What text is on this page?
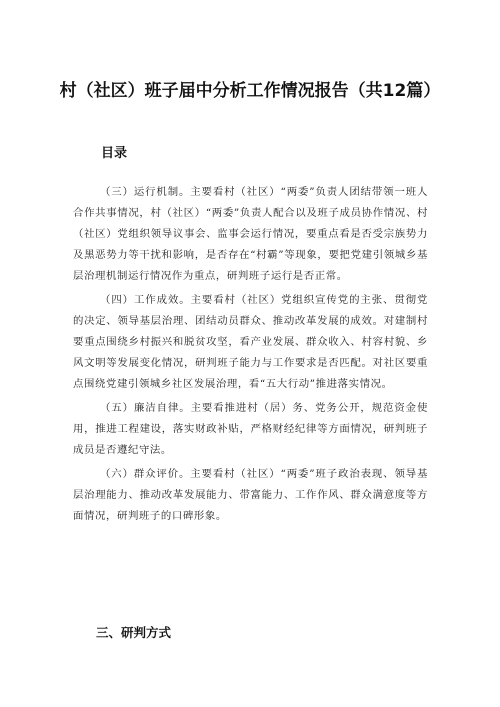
村（社区）班子届中分析工作情况报告（共12篇）
目录

（三）运行机制。主要看村（社区）“两委”负责人团结带领一班人合作共事情况，村（社区）“两委”负责人配合以及班子成员协作情况、村（社区）党组织领导议事会、监事会运行情况，要重点看是否受宗族势力及黑恶势力等干扰和影响，是否存在“村霸”等现象，要把党建引领城乡基层治理机制运行情况作为重点，研判班子运行是否正常。

（四）工作成效。主要看村（社区）党组织宣传党的主张、贯彻党的决定、领导基层治理、团结动员群众、推动改革发展的成效。对建制村要重点围绕乡村振兴和脱贫攻坚，看产业发展、群众收入、村容村貌、乡风文明等发展变化情况，研判班子能力与工作要求是否匹配。对社区要重点围绕党建引领城乡社区发展治理，看“五大行动”推进落实情况。

（五）廉洁自律。主要看推进村（居）务、党务公开，规范资金使用，推进工程建设，落实财政补贴，严格财经纪律等方面情况，研判班子成员是否遵纪守法。

（六）群众评价。主要看村（社区）“两委”班子政治表现、领导基层治理能力、推动改革发展能力、带富能力、工作作风、群众满意度等方面情况，研判班子的口碑形象。

三、研判方式
